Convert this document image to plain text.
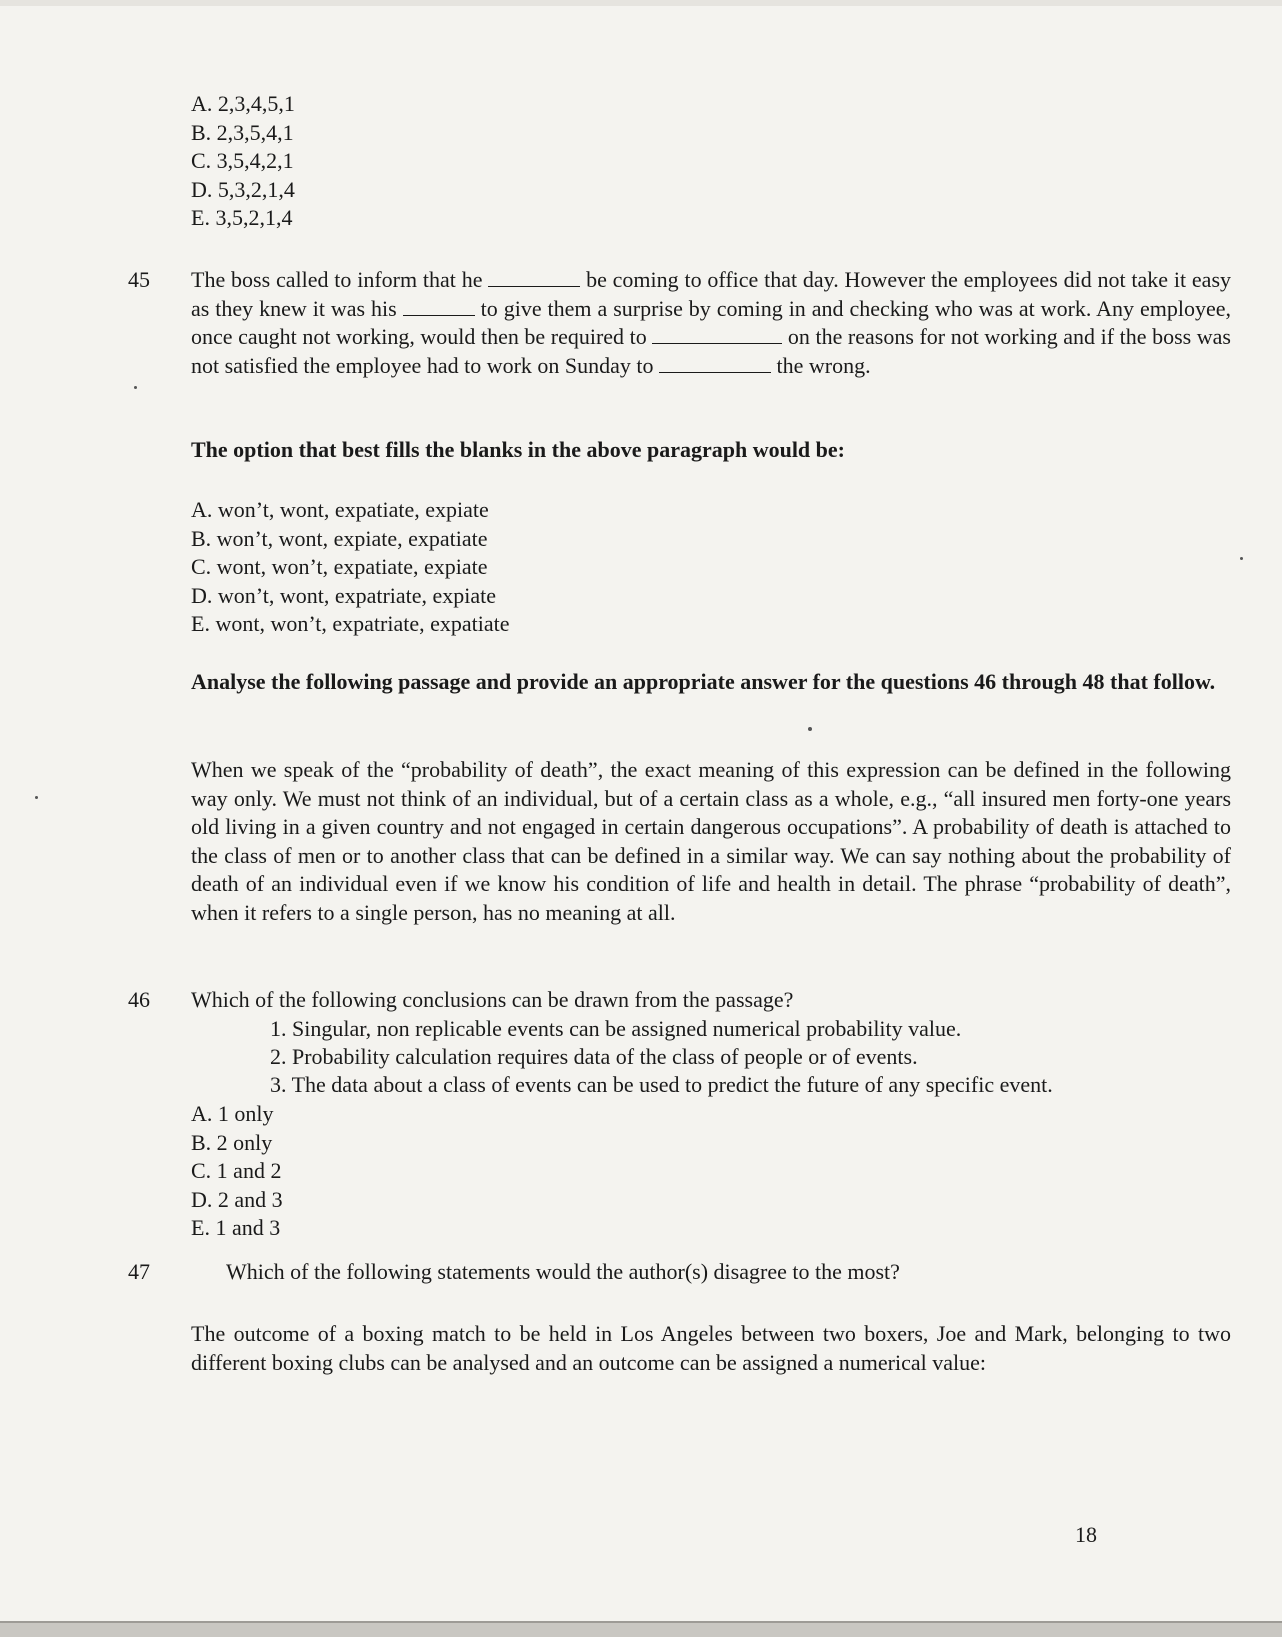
A. 2,3,4,5,1
B. 2,3,5,4,1
C. 3,5,4,2,1
D. 5,3,2,1,4
E. 3,5,2,1,4
45 The boss called to inform that he	be coming to office that day. However the employees did not take it easy as they knew it was his	to give them a surprise by coming in and checking who was at work. Any employee, once caught not working, would then be required to	on the reasons for not working and if the boss was not satisfied the employee had to work on Sunday to	the wrong.
The option that best fills the blanks in the above paragraph would be:
A. won’t, wont, expatiate, expiate
B. won’t, wont, expiate, expatiate
C. wont, won’t, expatiate, expiate
D. won’t, wont, expatriate, expiate
E. wont, won’t, expatriate, expatiate
Analyse the following passage and provide an appropriate answer for the questions 46 through 48 that follow.
When we speak of the “probability of death”, the exact meaning of this expression can be defined in the following way only. We must not think of an individual, but of a certain class as a whole, e.g., “all insured men forty-one years old living in a given country and not engaged in certain dangerous occupations”. A probability of death is attached to the class of men or to another class that can be defined in a similar way. We can say nothing about the probability of death of an individual even if we know his condition of life and health in detail. The phrase “probability of death”, when it refers to a single person, has no meaning at all.
46 Which of the following conclusions can be drawn from the passage?
1. Singular, non replicable events can be assigned numerical probability value.
2. Probability calculation requires data of the class of people or of events.
3. The data about a class of events can be used to predict the future of any specific event.
A. 1 only
B. 2 only
C. 1 and 2
D. 2 and 3
E. 1 and 3
47	Which of the following statements would the author(s) disagree to the most?
The outcome of a boxing match to be held in Los Angeles between two boxers, Joe and Mark, belonging to two different boxing clubs can be analysed and an outcome can be assigned a numerical value:
18
